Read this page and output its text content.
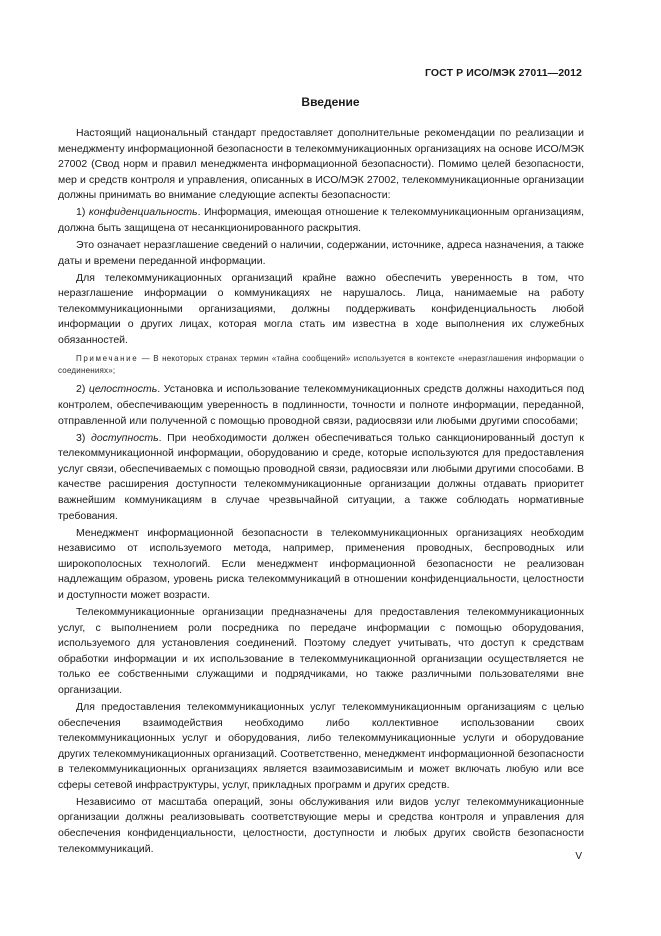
ГОСТ Р ИСО/МЭК 27011—2012
Введение

Настоящий национальный стандарт предоставляет дополнительные рекомендации по реализации и менеджменту информационной безопасности в телекоммуникационных организациях на основе ИСО/МЭК 27002 (Свод норм и правил менеджмента информационной безопасности). Помимо целей безопасности, мер и средств контроля и управления, описанных в ИСО/МЭК 27002, телекоммуникационные организации должны принимать во внимание следующие аспекты безопасности:

1) конфиденциальность. Информация, имеющая отношение к телекоммуникационным организациям, должна быть защищена от несанкционированного раскрытия.

Это означает неразглашение сведений о наличии, содержании, источнике, адреса назначения, а также даты и времени переданной информации.

Для телекоммуникационных организаций крайне важно обеспечить уверенность в том, что неразглашение информации о коммуникациях не нарушалось. Лица, нанимаемые на работу телекоммуникационными организациями, должны поддерживать конфиденциальность любой информации о других лицах, которая могла стать им известна в ходе выполнения их служебных обязанностей.

Примечание — В некоторых странах термин «тайна сообщений» используется в контексте «неразглашения информации о соединениях»;

2) целостность. Установка и использование телекоммуникационных средств должны находиться под контролем, обеспечивающим уверенность в подлинности, точности и полноте информации, переданной, отправленной или полученной с помощью проводной связи, радиосвязи или любыми другими способами;

3) доступность. При необходимости должен обеспечиваться только санкционированный доступ к телекоммуникационной информации, оборудованию и среде, которые используются для предоставления услуг связи, обеспечиваемых с помощью проводной связи, радиосвязи или любыми другими способами. В качестве расширения доступности телекоммуникационные организации должны отдавать приоритет важнейшим коммуникациям в случае чрезвычайной ситуации, а также соблюдать нормативные требования.

Менеджмент информационной безопасности в телекоммуникационных организациях необходим независимо от используемого метода, например, применения проводных, беспроводных или широкополосных технологий. Если менеджмент информационной безопасности не реализован надлежащим образом, уровень риска телекоммуникаций в отношении конфиденциальности, целостности и доступности может возрасти.

Телекоммуникационные организации предназначены для предоставления телекоммуникационных услуг, с выполнением роли посредника по передаче информации с помощью оборудования, используемого для установления соединений. Поэтому следует учитывать, что доступ к средствам обработки информации и их использование в телекоммуникационной организации осуществляется не только ее собственными служащими и подрядчиками, но также различными пользователями вне организации.

Для предоставления телекоммуникационных услуг телекоммуникационным организациям с целью обеспечения взаимодействия необходимо либо коллективное использовании своих телекоммуникационных услуг и оборудования, либо телекоммуникационные услуги и оборудование других телекоммуникационных организаций. Соответственно, менеджмент информационной безопасности в телекоммуникационных организациях является взаимозависимым и может включать любую или все сферы сетевой инфраструктуры, услуг, прикладных программ и других средств.

Независимо от масштаба операций, зоны обслуживания или видов услуг телекоммуникационные организации должны реализовывать соответствующие меры и средства контроля и управления для обеспечения конфиденциальности, целостности, доступности и любых других свойств безопасности телекоммуникаций.

V
